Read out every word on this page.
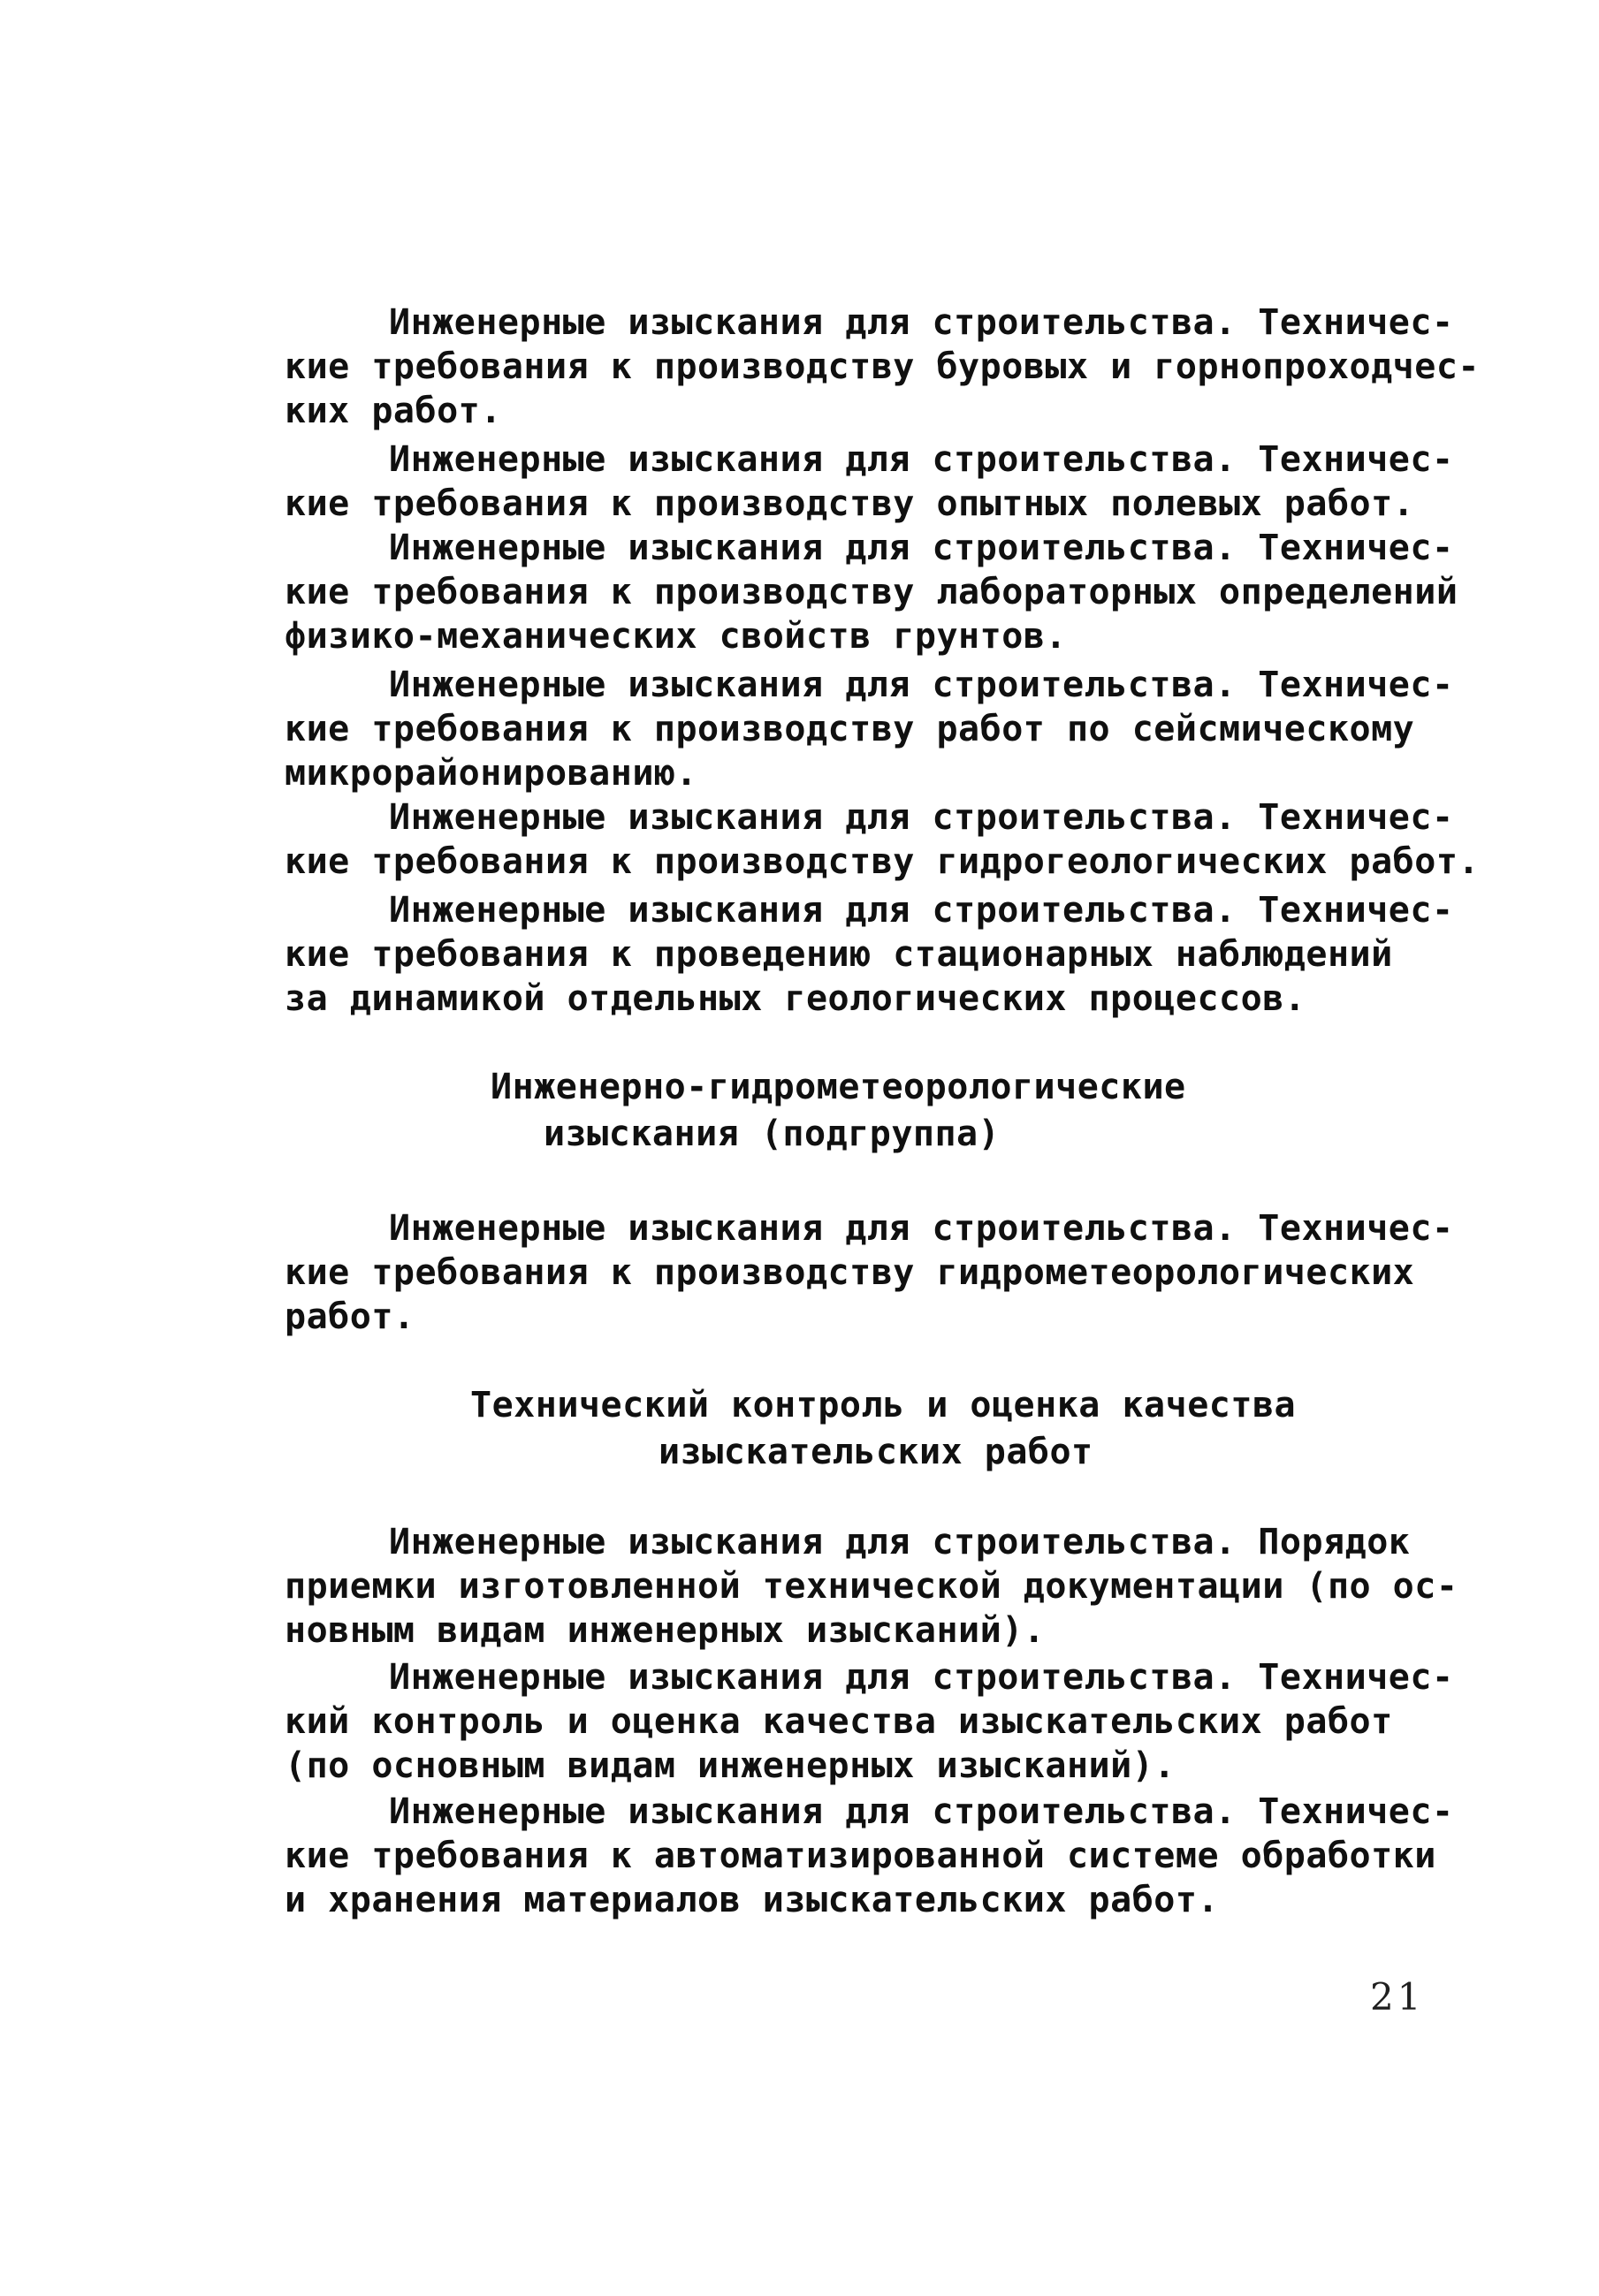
Инженерные изыскания для строительства. Техничес-
кие требования к производству буровых и горнопроходчес-
ких работ.
Инженерные изыскания для строительства. Техничес-
кие требования к производству опытных полевых работ.
Инженерные изыскания для строительства. Техничес-
кие требования к производству лабораторных определений
физико-механических свойств грунтов.
Инженерные изыскания для строительства. Техничес-
кие требования к производству работ по сейсмическому
микрорайонированию.
Инженерные изыскания для строительства. Техничес-
кие требования к производству гидрогеологических работ.
Инженерные изыскания для строительства. Техничес-
кие требования к проведению стационарных наблюдений
за динамикой отдельных геологических процессов.
Инженерно-гидрометеорологические
изыскания (подгруппа)
Инженерные изыскания для строительства. Техничес-
кие требования к производству гидрометеорологических
работ.
Технический контроль и оценка качества
изыскательских работ
Инженерные изыскания для строительства. Порядок
приемки изготовленной технической документации (по ос-
новным видам инженерных изысканий).
Инженерные изыскания для строительства. Техничес-
кий контроль и оценка качества изыскательских работ
(по основным видам инженерных изысканий).
Инженерные изыскания для строительства. Техничес-
кие требования к автоматизированной системе обработки
и хранения материалов изыскательских работ.
21
